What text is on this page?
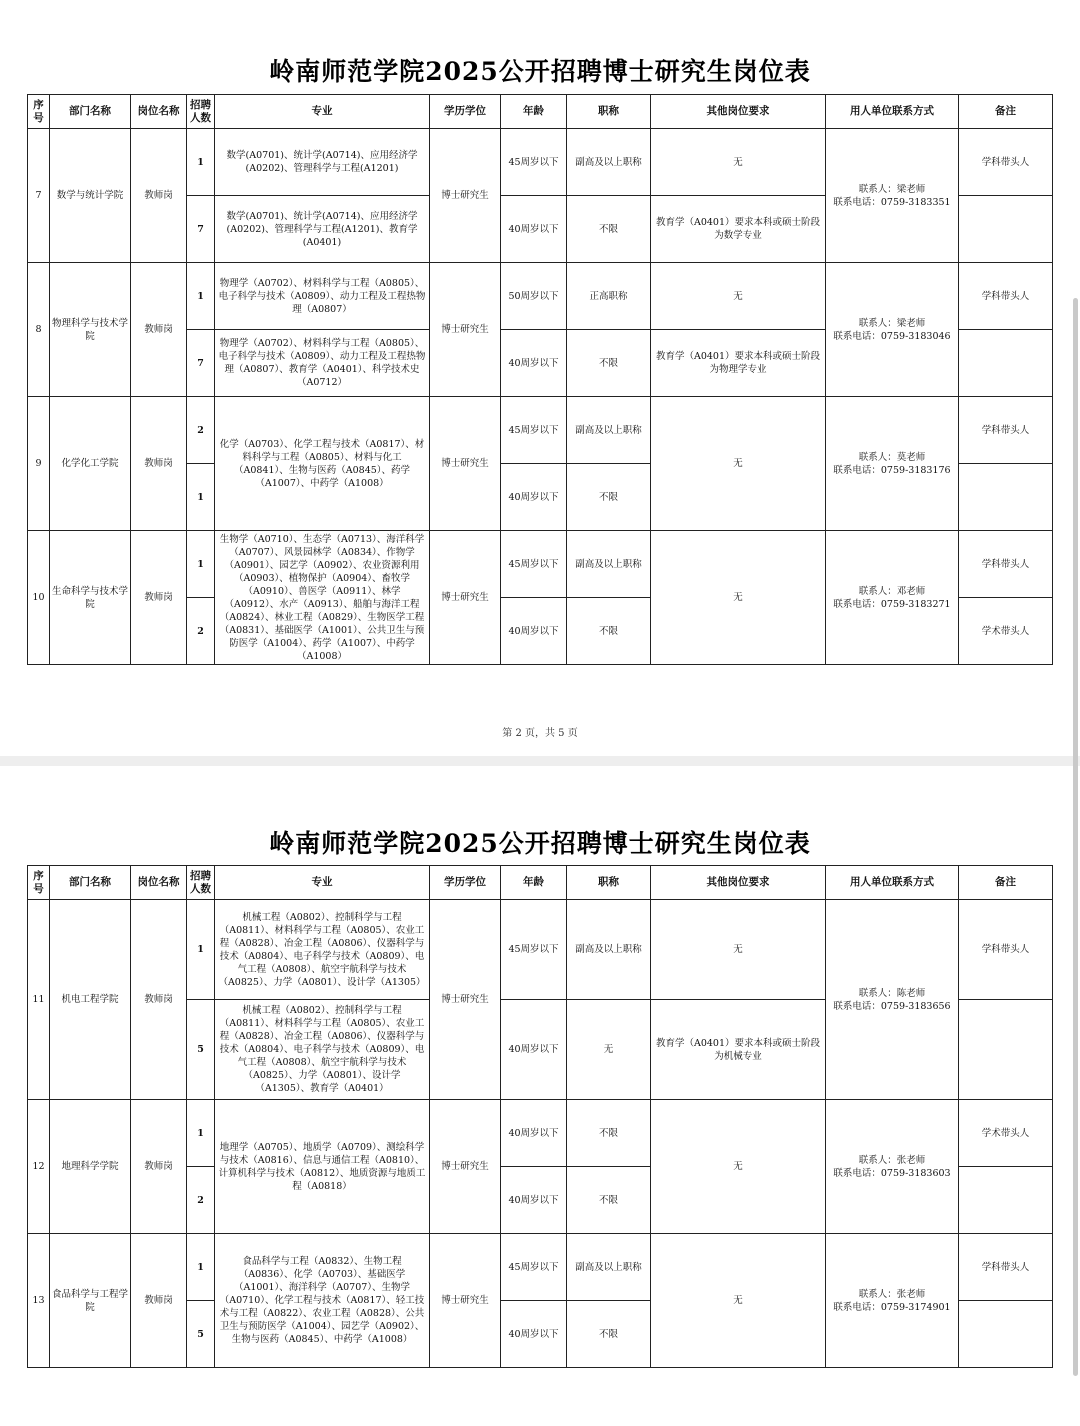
岭南师范学院2025公开招聘博士研究生岗位表
序号	部门名称	岗位名称	招聘人数	专业	学历学位	年龄	职称	其他岗位要求	用人单位联系方式	备注
7	数学与统计学院	教师岗	1	数学(A0701)、统计学(A0714)、应用经济学(A0202)、管理科学与工程(A1201)	博士研究生	45周岁以下	副高及以上职称	无	联系人：梁老师
联系电话：0759-3183351	学科带头人
			7	数学(A0701)、统计学(A0714)、应用经济学(A0202)、管理科学与工程(A1201)、教育学(A0401)		40周岁以下	不限	教育学（A0401）要求本科或硕士阶段为数学专业		
8	物理科学与技术学院	教师岗	1	物理学（A0702）、材料科学与工程（A0805）、电子科学与技术（A0809）、动力工程及工程热物理（A0807）	博士研究生	50周岁以下	正高职称	无	联系人：梁老师
联系电话：0759-3183046	学科带头人
			7	物理学（A0702）、材料科学与工程（A0805）、电子科学与技术（A0809）、动力工程及工程热物理（A0807）、教育学（A0401）、科学技术史（A0712）		40周岁以下	不限	教育学（A0401）要求本科或硕士阶段为物理学专业		
9	化学化工学院	教师岗	2	化学（A0703）、化学工程与技术（A0817）、材料科学与工程（A0805）、材料与化工（A0841）、生物与医药（A0845）、药学（A1007）、中药学（A1008）	博士研究生	45周岁以下	副高及以上职称	无	联系人：莫老师
联系电话：0759-3183176	学科带头人
			1			40周岁以下	不限			
10	生命科学与技术学院	教师岗	1	生物学（A0710）、生态学（A0713）、海洋科学（A0707）、风景园林学（A0834）、作物学（A0901）、园艺学（A0902）、农业资源利用（A0903）、植物保护（A0904）、畜牧学（A0910）、兽医学（A0911）、林学（A0912）、水产（A0913）、船舶与海洋工程（A0824）、林业工程（A0829）、生物医学工程（A0831）、基础医学（A1001）、公共卫生与预防医学（A1004）、药学（A1007）、中药学（A1008）	博士研究生	45周岁以下	副高及以上职称	无	联系人：邓老师
联系电话：0759-3183271	学科带头人
			2			40周岁以下	不限			学术带头人
第 2 页，共 5 页
岭南师范学院2025公开招聘博士研究生岗位表
序号	部门名称	岗位名称	招聘人数	专业	学历学位	年龄	职称	其他岗位要求	用人单位联系方式	备注
11	机电工程学院	教师岗	1	机械工程（A0802）、控制科学与工程（A0811）、材料科学与工程（A0805）、农业工程（A0828）、冶金工程（A0806）、仪器科学与技术（A0804）、电子科学与技术（A0809）、电气工程（A0808）、航空宇航科学与技术（A0825）、力学（A0801）、设计学（A1305）	博士研究生	45周岁以下	副高及以上职称	无	联系人：陈老师
联系电话：0759-3183656	学科带头人
			5	机械工程（A0802）、控制科学与工程（A0811）、材料科学与工程（A0805）、农业工程（A0828）、冶金工程（A0806）、仪器科学与技术（A0804）、电子科学与技术（A0809）、电气工程（A0808）、航空宇航科学与技术（A0825）、力学（A0801）、设计学（A1305）、教育学（A0401）		40周岁以下	无	教育学（A0401）要求本科或硕士阶段为机械专业		
12	地理科学学院	教师岗	1	地理学（A0705）、地质学（A0709）、测绘科学与技术（A0816）、信息与通信工程（A0810）、计算机科学与技术（A0812）、地质资源与地质工程（A0818）	博士研究生	40周岁以下	不限	无	联系人：张老师
联系电话：0759-3183603	学术带头人
			2			40周岁以下	不限			
13	食品科学与工程学院	教师岗	1	食品科学与工程（A0832）、生物工程（A0836）、化学（A0703）、基础医学（A1001）、海洋科学（A0707）、生物学（A0710）、化学工程与技术（A0817）、轻工技术与工程（A0822）、农业工程（A0828）、公共卫生与预防医学（A1004）、园艺学（A0902）、生物与医药（A0845）、中药学（A1008）	博士研究生	45周岁以下	副高及以上职称	无	联系人：张老师
联系电话：0759-3174901	学科带头人
			5			40周岁以下	不限			
